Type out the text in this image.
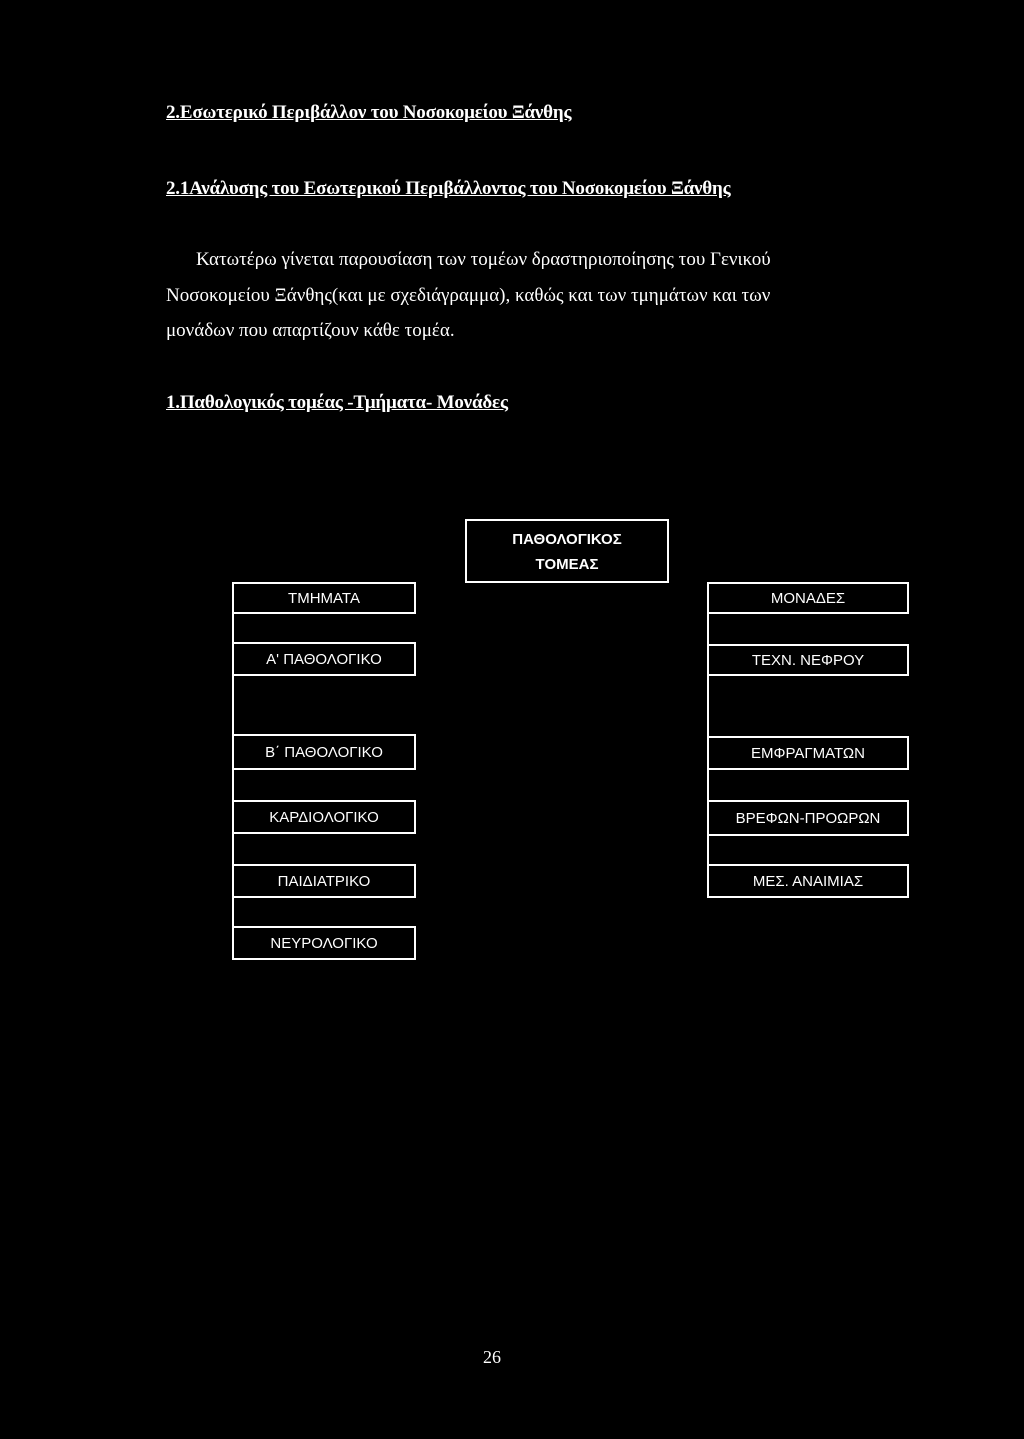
2.Εσωτερικό Περιβάλλον του Νοσοκομείου Ξάνθης
2.1Ανάλυσης του Εσωτερικού Περιβάλλοντος του Νοσοκομείου Ξάνθης
Κατωτέρω γίνεται παρουσίαση των τομέων δραστηριοποίησης του Γενικού
Νοσοκομείου Ξάνθης(και με σχεδιάγραμμα), καθώς και των τμημάτων και των
μονάδων που απαρτίζουν κάθε τομέα.
1.Παθολογικός τομέας -Τμήματα- Μονάδες
ΠΑΘΟΛΟΓΙΚΟΣ
ΤΟΜΕΑΣ
ΤΜΗΜΑΤΑ	ΜΟΝΑΔΕΣ
Α' ΠΑΘΟΛΟΓΙΚΟ
Β΄ ΠΑΘΟΛΟΓΙΚΟ
ΚΑΡΔΙΟΛΟΓΙΚΟ
ΠΑΙΔΙΑΤΡΙΚΟ
ΝΕΥΡΟΛΟΓΙΚΟ
ΤΕΧΝ. ΝΕΦΡΟΥ
ΕΜΦΡΑΓΜΑΤΩΝ
ΒΡΕΦΩΝ-ΠΡΟΩΡΩΝ
ΜΕΣ. ΑΝΑΙΜΙΑΣ
26
